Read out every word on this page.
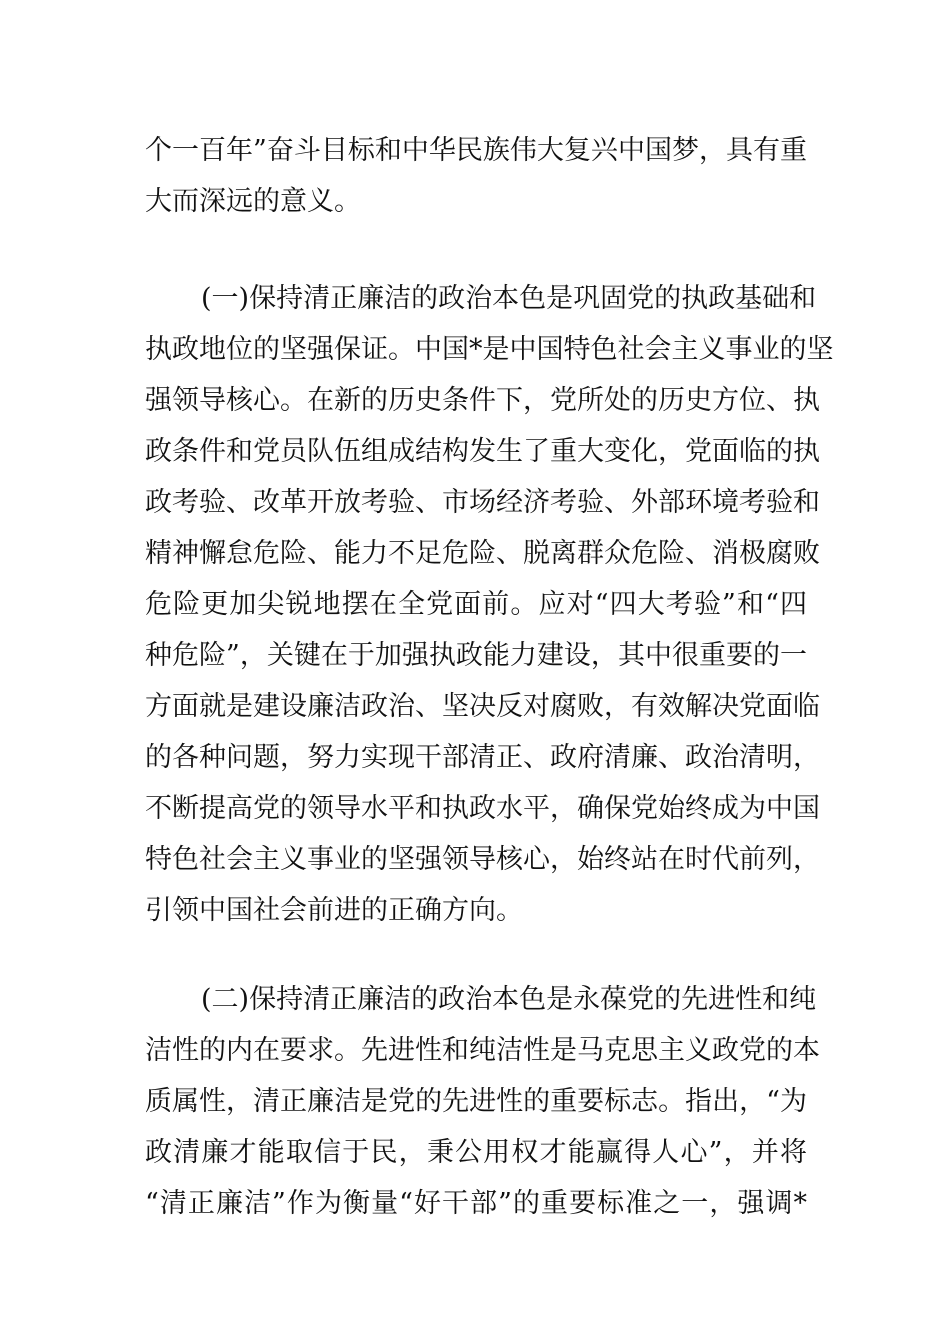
个一百年”奋斗目标和中华民族伟大复兴中国梦，具有重
大而深远的意义。
(一)保持清正廉洁的政治本色是巩固党的执政基础和
执政地位的坚强保证。中国*是中国特色社会主义事业的坚
强领导核心。在新的历史条件下，党所处的历史方位、执
政条件和党员队伍组成结构发生了重大变化，党面临的执
政考验、改革开放考验、市场经济考验、外部环境考验和
精神懈怠危险、能力不足危险、脱离群众危险、消极腐败
危险更加尖锐地摆在全党面前。应对“四大考验”和“四
种危险”，关键在于加强执政能力建设，其中很重要的一
方面就是建设廉洁政治、坚决反对腐败，有效解决党面临
的各种问题，努力实现干部清正、政府清廉、政治清明，
不断提高党的领导水平和执政水平，确保党始终成为中国
特色社会主义事业的坚强领导核心，始终站在时代前列，
引领中国社会前进的正确方向。
(二)保持清正廉洁的政治本色是永葆党的先进性和纯
洁性的内在要求。先进性和纯洁性是马克思主义政党的本
质属性，清正廉洁是党的先进性的重要标志。指出，“为
政清廉才能取信于民，秉公用权才能赢得人心”，并将
“清正廉洁”作为衡量“好干部”的重要标准之一，强调*
